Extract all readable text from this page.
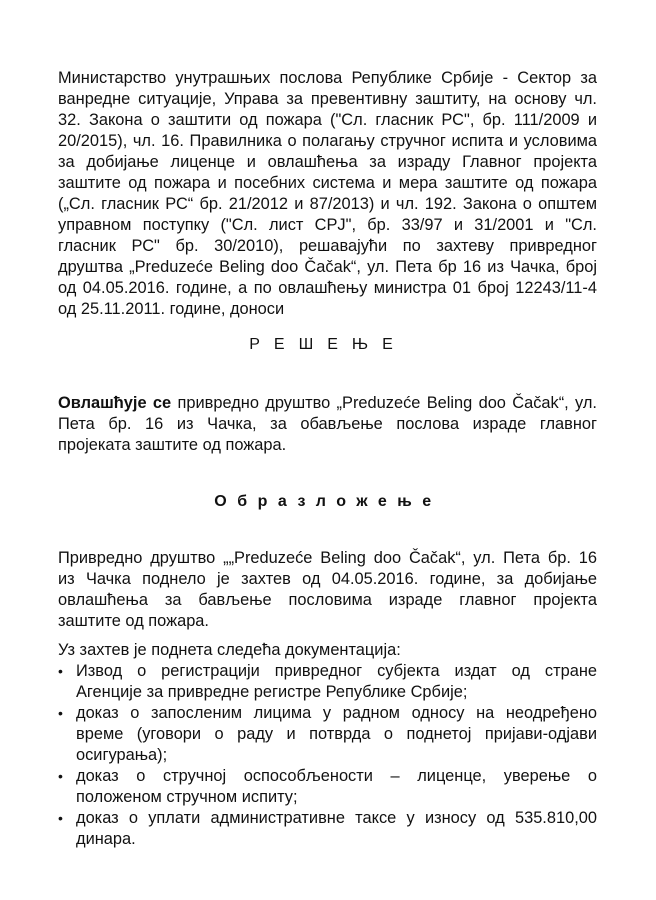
Министарство унутрашњих послова Републике Србије - Сектор за
ванредне ситуације, Управа за превентивну заштиту, на основу чл.
32. Закона о заштити од пожара ("Сл. гласник РС", бр. 111/2009 и
20/2015), чл. 16. Правилника о полагању стручног испита и условима
за добијање лиценце и овлашћења за израду Главног пројекта
заштите од пожара и посебних система и мера заштите од пожара
(„Сл. гласник РС“ бр. 21/2012 и 87/2013) и чл. 192. Закона о општем
управном поступку ("Сл. лист СРЈ", бр. 33/97 и 31/2001 и "Сл.
гласник РС" бр. 30/2010), решавајући по захтеву привредног
друштва „Preduzeće Beling doo Čačak“, ул. Пета бр 16 из Чачка, број
од 04.05.2016. године, а по овлашћењу министра 01 број 12243/11-4
од 25.11.2011. године, доноси
РЕШЕЊЕ
Овлашћује се привредно друштво „Preduzeće Beling doo Čačak“, ул.
Пета бр. 16 из Чачка, за обављење послова израде главног
пројеката заштите од пожара.
Образложење
Привредно друштво „„Preduzeće Beling doo Čačak“, ул. Пета бр. 16
из Чачка поднело је захтев од 04.05.2016. године, за добијање
овлашћења за бављење пословима израде главног пројекта
заштите од пожара.
Уз захтев је поднета следећа документација:
• Извод о регистрацији привредног субјекта издат од стране
Агенције за привредне регистре Републике Србије;
• доказ о запосленим лицима у радном односу на неодређено
време (уговори о раду и потврда о поднетој пријави-одјави
осигурања);
• доказ о стручној оспособљености – лиценце, уверење о
положеном стручном испиту;
• доказ о уплати административне таксе у износу од 535.810,00
динара.
